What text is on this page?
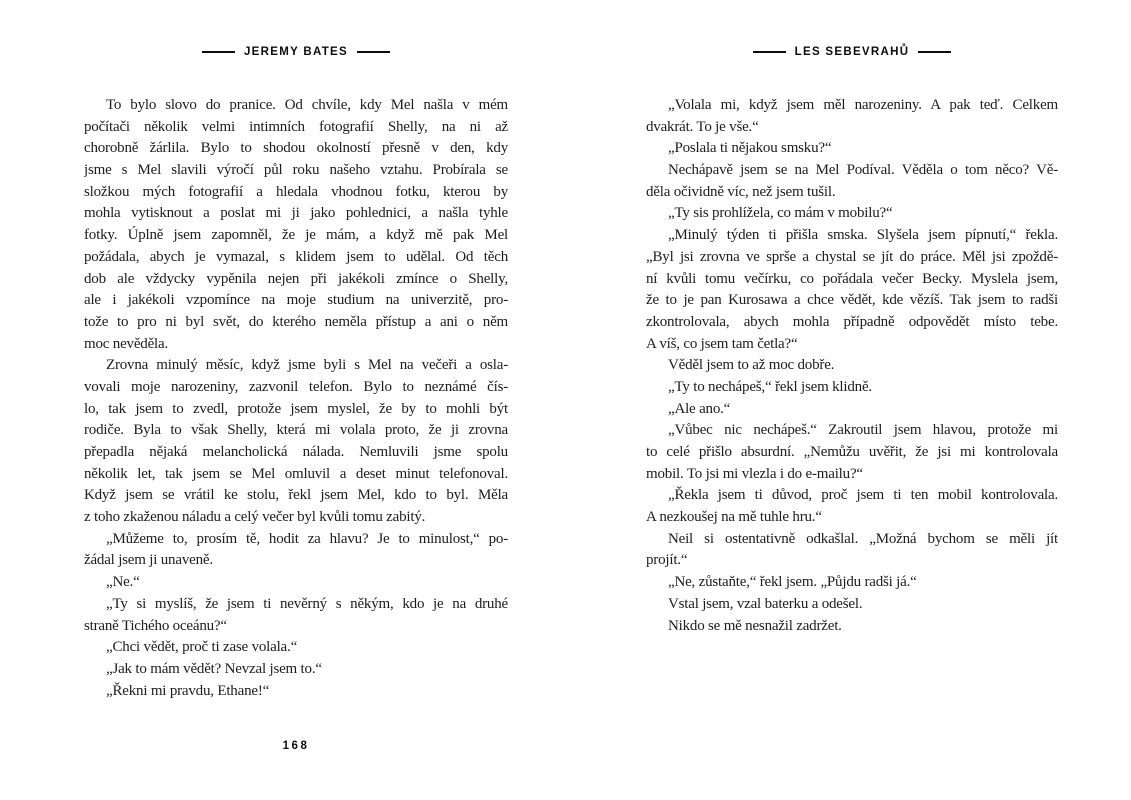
JEREMY BATES
To bylo slovo do pranice. Od chvíle, kdy Mel našla v mém
počítači několik velmi intimních fotografií Shelly, na ni až
chorobně žárlila. Bylo to shodou okolností přesně v den, kdy
jsme s Mel slavili výročí půl roku našeho vztahu. Probírala se
složkou mých fotografií a hledala vhodnou fotku, kterou by
mohla vytisknout a poslat mi ji jako pohlednici, a našla tyhle
fotky. Úplně jsem zapomněl, že je mám, a když mě pak Mel
požádala, abych je vymazal, s klidem jsem to udělal. Od těch
dob ale vždycky vypěnila nejen při jakékoli zmínce o Shelly,
ale i jakékoli vzpomínce na moje studium na univerzitě, pro-
tože to pro ni byl svět, do kterého neměla přístup a ani o něm
moc nevěděla.
Zrovna minulý měsíc, když jsme byli s Mel na večeři a osla-
vovali moje narozeniny, zazvonil telefon. Bylo to neznámé čís-
lo, tak jsem to zvedl, protože jsem myslel, že by to mohli být
rodiče. Byla to však Shelly, která mi volala proto, že ji zrovna
přepadla nějaká melancholická nálada. Nemluvili jsme spolu
několik let, tak jsem se Mel omluvil a deset minut telefonoval.
Když jsem se vrátil ke stolu, řekl jsem Mel, kdo to byl. Měla
z toho zkaženou náladu a celý večer byl kvůli tomu zabitý.
„Můžeme to, prosím tě, hodit za hlavu? Je to minulost,“ po-
žádal jsem ji unaveně.
„Ne.“
„Ty si myslíš, že jsem ti nevěrný s někým, kdo je na druhé
straně Tichého oceánu?“
„Chci vědět, proč ti zase volala.“
„Jak to mám vědět? Nevzal jsem to.“
„Řekni mi pravdu, Ethane!“
168
LES SEBEVRAHŮ
„Volala mi, když jsem měl narozeniny. A pak teď. Celkem
dvakrát. To je vše.“
„Poslala ti nějakou smsku?“
Nechápavě jsem se na Mel Podíval. Věděla o tom něco? Vě-
děla očividně víc, než jsem tušil.
„Ty sis prohlížela, co mám v mobilu?“
„Minulý týden ti přišla smska. Slyšela jsem pípnutí,“ řekla.
„Byl jsi zrovna ve sprše a chystal se jít do práce. Měl jsi zpoždě-
ní kvůli tomu večírku, co pořádala večer Becky. Myslela jsem,
že to je pan Kurosawa a chce vědět, kde vězíš. Tak jsem to radši
zkontrolovala, abych mohla případně odpovědět místo tebe.
A víš, co jsem tam četla?“
Věděl jsem to až moc dobře.
„Ty to nechápeš,“ řekl jsem klidně.
„Ale ano.“
„Vůbec nic nechápeš.“ Zakroutil jsem hlavou, protože mi
to celé přišlo absurdní. „Nemůžu uvěřit, že jsi mi kontrolovala
mobil. To jsi mi vlezla i do e-mailu?“
„Řekla jsem ti důvod, proč jsem ti ten mobil kontrolovala.
A nezkoušej na mě tuhle hru.“
Neil si ostentativně odkašlal. „Možná bychom se měli jít
projít.“
„Ne, zůstaňte,“ řekl jsem. „Půjdu radši já.“
Vstal jsem, vzal baterku a odešel.
Nikdo se mě nesnažil zadržet.
